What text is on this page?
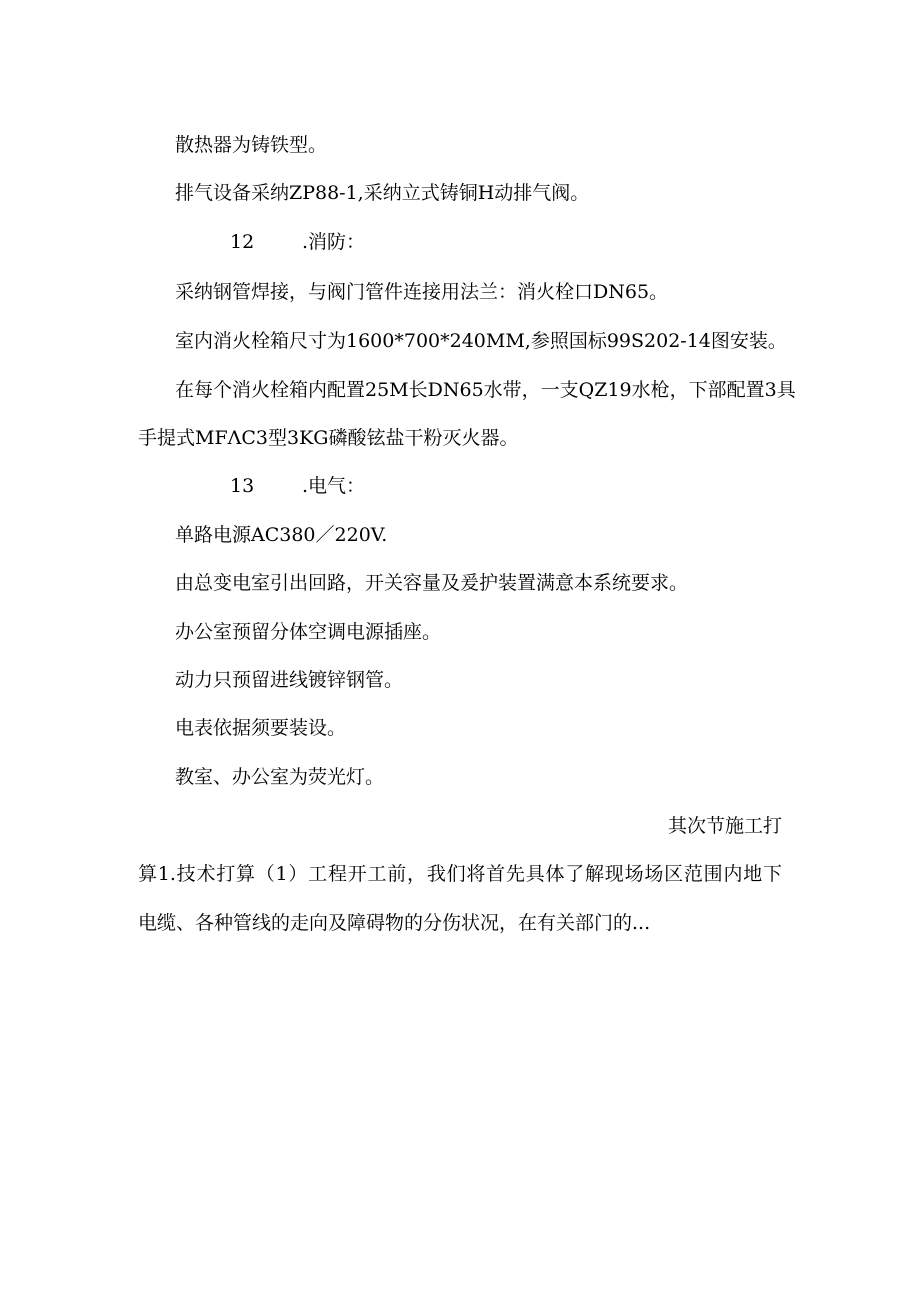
散热器为铸铁型。

排气设备采纳ZP88-1,采纳立式铸铜H动排气阀。

12	.消防：

采纳钢管焊接，与阀门管件连接用法兰：消火栓口DN65。

室内消火栓箱尺寸为1600*700*240MM,参照国标99S202-14图安装。

在每个消火栓箱内配置25M长DN65水带，一支QZ19水枪，下部配置3具

手提式MFΛC3型3KG磷酸铉盐干粉灭火器。

13	.电气：

单路电源AC380／220V.

由总变电室引出回路，开关容量及爰护装置满意本系统要求。

办公室预留分体空调电源插座。

动力只预留进线镀锌钢管。

电表依据须要装设。

教室、办公室为荧光灯。

其次节施工打

算1.技术打算（1）工程开工前，我们将首先具体了解现场场区范围内地下

电缆、各种管线的走向及障碍物的分伤状况，在有关部门的...
